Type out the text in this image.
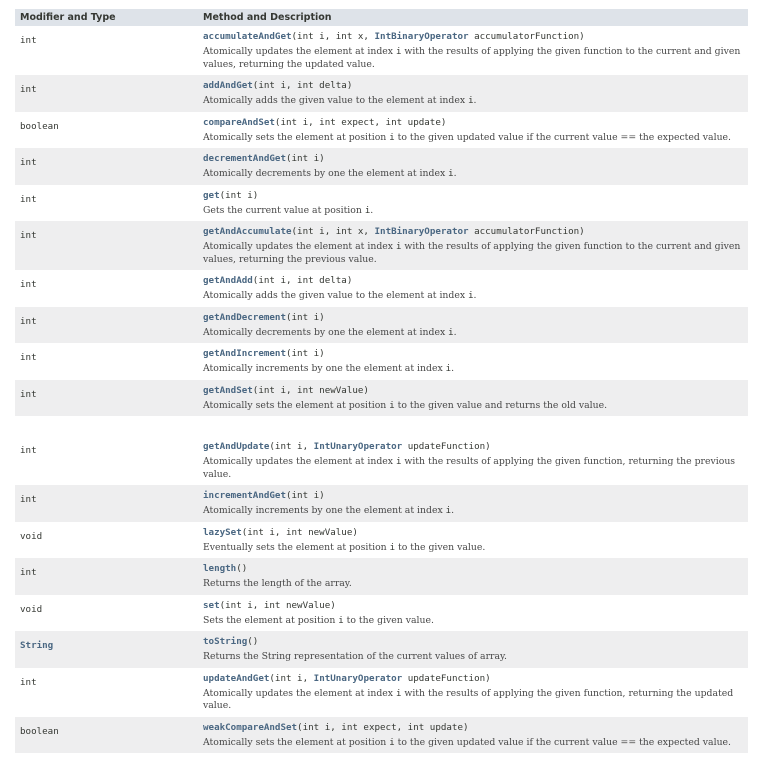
Modifier and Type	Method and Description
int	accumulateAndGet(int i, int x, IntBinaryOperator accumulatorFunction)
Atomically updates the element at index i with the results of applying the given function to the current and given values, returning the updated value.
int	addAndGet(int i, int delta)
Atomically adds the given value to the element at index i.
boolean	compareAndSet(int i, int expect, int update)
Atomically sets the element at position i to the given updated value if the current value == the expected value.
int	decrementAndGet(int i)
Atomically decrements by one the element at index i.
int	get(int i)
Gets the current value at position i.
int	getAndAccumulate(int i, int x, IntBinaryOperator accumulatorFunction)
Atomically updates the element at index i with the results of applying the given function to the current and given values, returning the previous value.
int	getAndAdd(int i, int delta)
Atomically adds the given value to the element at index i.
int	getAndDecrement(int i)
Atomically decrements by one the element at index i.
int	getAndIncrement(int i)
Atomically increments by one the element at index i.
int	getAndSet(int i, int newValue)
Atomically sets the element at position i to the given value and returns the old value.
int	getAndUpdate(int i, IntUnaryOperator updateFunction)
Atomically updates the element at index i with the results of applying the given function, returning the previous value.
int	incrementAndGet(int i)
Atomically increments by one the element at index i.
void	lazySet(int i, int newValue)
Eventually sets the element at position i to the given value.
int	length()
Returns the length of the array.
void	set(int i, int newValue)
Sets the element at position i to the given value.
String	toString()
Returns the String representation of the current values of array.
int	updateAndGet(int i, IntUnaryOperator updateFunction)
Atomically updates the element at index i with the results of applying the given function, returning the updated value.
boolean	weakCompareAndSet(int i, int expect, int update)
Atomically sets the element at position i to the given updated value if the current value == the expected value.
